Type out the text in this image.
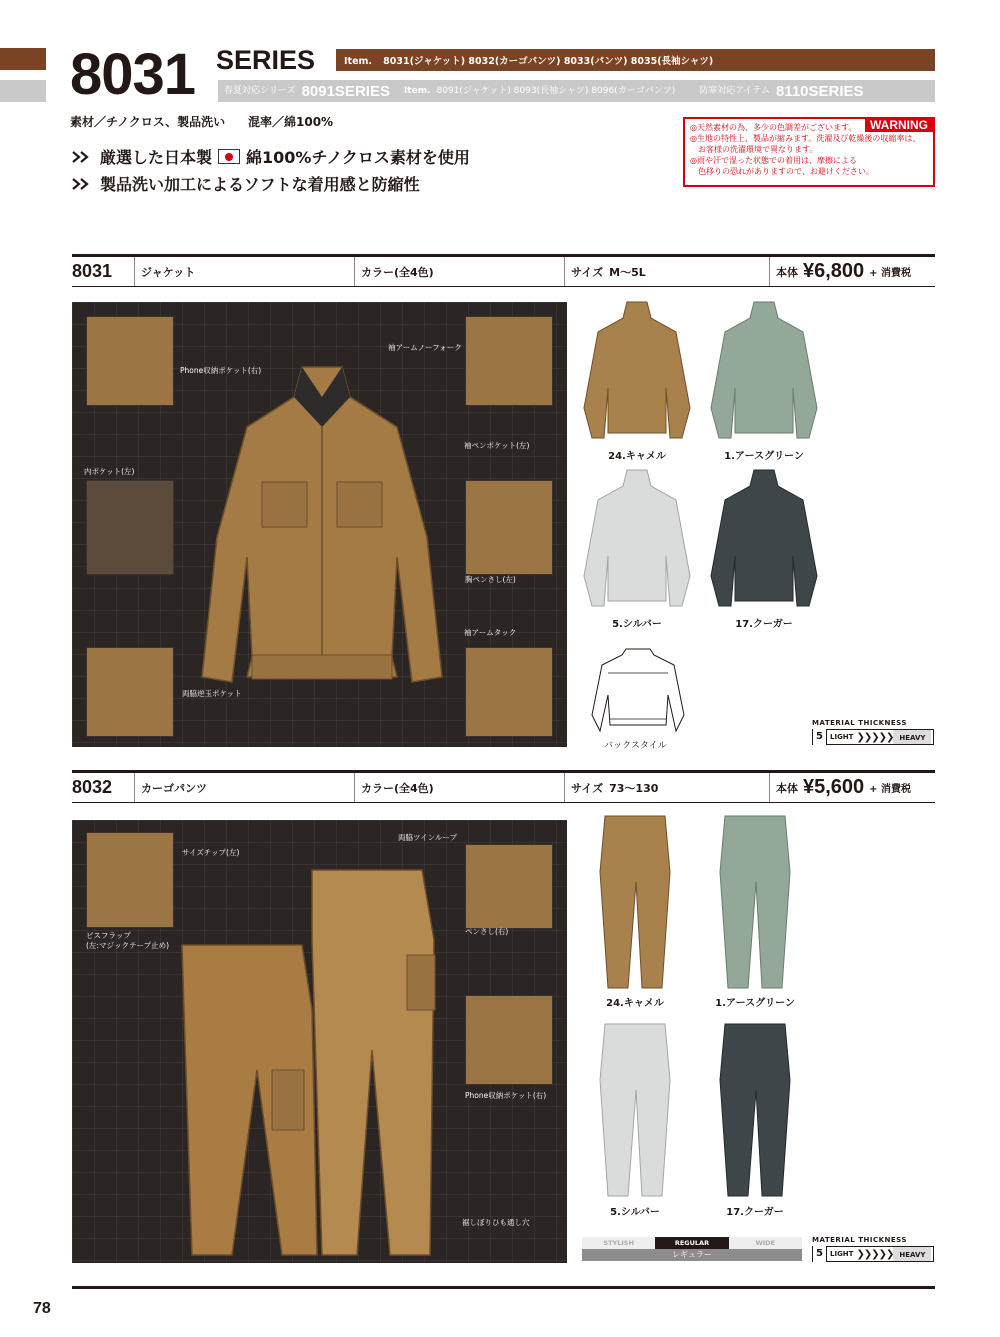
8031 SERIES	Item. 8031(ジャケット) 8032(カーゴパンツ) 8033(パンツ) 8035(長袖シャツ)
春夏対応シリーズ 8091SERIES Item. 8091(ジャケット) 8093(長袖シャツ) 8096(カーゴパンツ)	防寒対応アイテム 8110SERIES
素材／チノクロス、製品洗い 混率／綿100%
厳選した日本製 綿100%チノクロス素材を使用
製品洗い加工によるソフトな着用感と防縮性
WARNING
◎天然素材の為、多少の色調差がございます。
◎生地の特性上、製品が縮みます。洗濯及び乾燥後の収縮率は、
　お客様の洗濯環境で異なります。
◎雨や汗で湿った状態での着用は、摩擦による
　色移りの恐れがありますので、お避けください。
8031	ジャケット	カラー(全4色)	サイズ M〜5L	本体 ¥6,800 + 消費税
Phone収納ポケット(右)
袖アームノーフォーク
袖ペンポケット(左)
内ポケット(左)
胸ペンさし(左)
袖アームタック
両脇逆玉ポケット
24.キャメル	1.アースグリーン
5.シルバー	17.クーガー
バックスタイル
MATERIAL THICKNESS
5	LIGHT ❯❯❯❯❯ HEAVY
8032	カーゴパンツ	カラー(全4色)	サイズ 73〜130	本体 ¥5,600 + 消費税
サイズチップ(左)
両脇ツインループ
ビスフラップ
(左:マジックテープ止め)
ペンさし(右)
Phone収納ポケット(右)
裾しぼりひも通し穴
24.キャメル	1.アースグリーン
5.シルバー	17.クーガー
STYLISH	REGULAR	WIDE
レギュラー
MATERIAL THICKNESS
5	LIGHT ❯❯❯❯❯ HEAVY
78
